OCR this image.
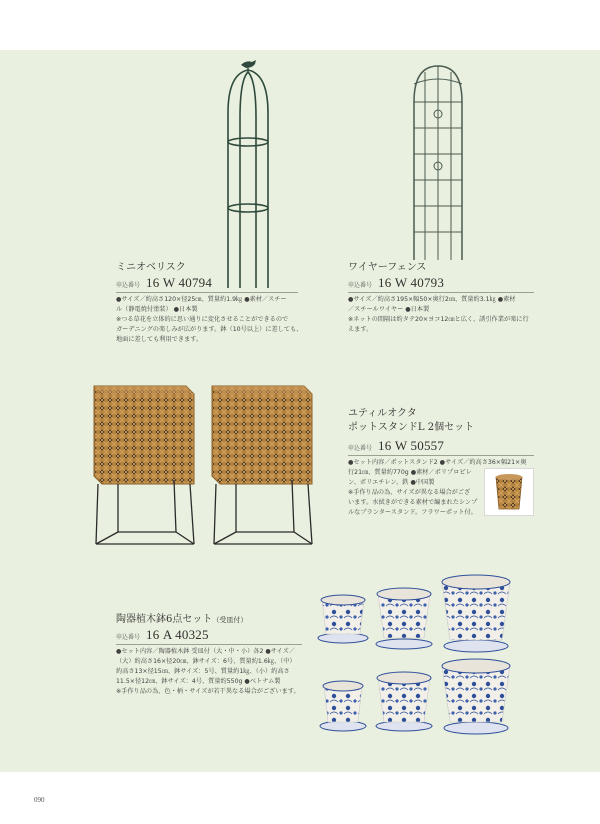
ミニオベリスク
申込番号 16 W 40794
●サイズ／約高さ120×径25㎝、質量約1.9㎏ ●素材／スチー
ル（静電焼付塗装） ●日本製
※つる草花を立体的に思い通りに変化させることができるので
ガーデニングの楽しみが広がります。鉢（10号以上）に差しても、
地面に差しても利用できます。
ワイヤーフェンス
申込番号 16 W 40793
●サイズ／約高さ195×幅50×奥行2㎝、質量約3.1㎏ ●素材
／スチールワイヤー ●日本製
※ネットの間隔は約タテ20×ヨコ12㎝と広く、誘引作業が楽に行
えます。
ユティルオクタ
ポットスタンドL 2個セット
申込番号 16 W 50557
●セット内容／ポットスタンド2 ●サイズ／約高さ36×幅21×奥
行21㎝、質量約770g ●素材／ポリプロピレ
ン、ポリエチレン、鉄 ●中国製
※手作り品の為、サイズが異なる場合がござ
います。水拭きができる素材で編まれたシンプ
ルなプランタースタンド。フラワーポット付。
陶器植木鉢6点セット（受皿付）
申込番号 16 A 40325
●セット内容／陶器植木鉢 受皿付（大・中・小）各2 ●サイズ／
（大）約高さ16×径20㎝、鉢サイズ：6号、質量約1.6㎏、（中）
約高さ13×径15㎝、鉢サイズ：5号、質量約1㎏、（小）約高さ
11.5×径12㎝、鉢サイズ：4号、質量約550g ●ベトナム製
※手作り品の為、色・柄・サイズが若干異なる場合がございます。
090
